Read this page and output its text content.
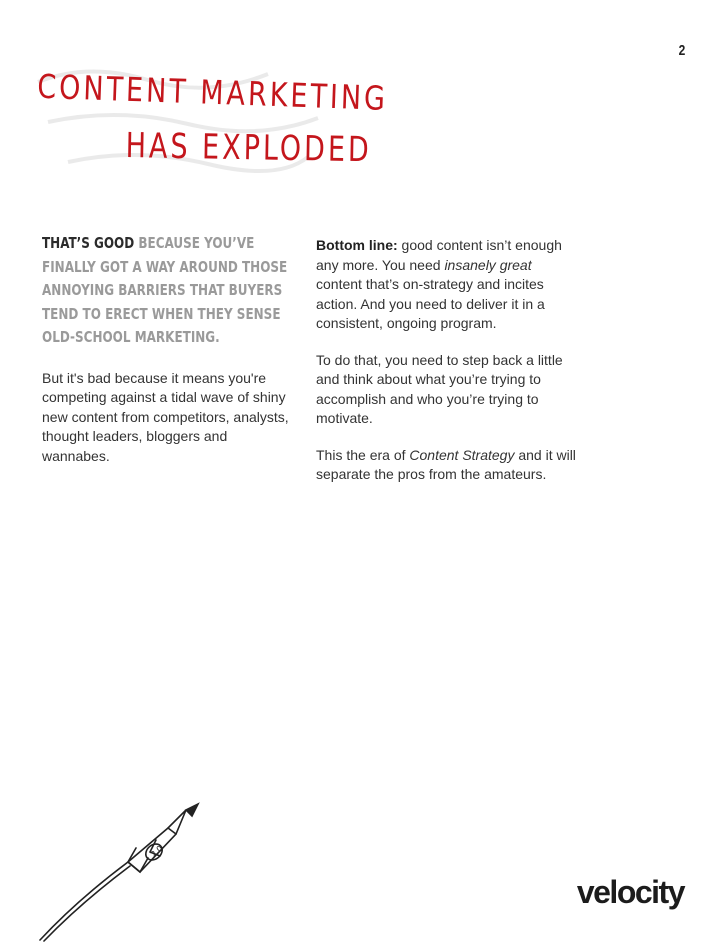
2
CONTENT MARKETING
HAS EXPLODED

THAT’S GOOD BECAUSE YOU’VE FINALLY GOT A WAY AROUND THOSE ANNOYING BARRIERS THAT BUYERS TEND TO ERECT WHEN THEY SENSE OLD-SCHOOL MARKETING.

But it's bad because it means you're competing against a tidal wave of shiny new content from competitors, analysts, thought leaders, bloggers and wannabes.

Bottom line: good content isn’t enough any more. You need insanely great content that’s on-strategy and incites action. And you need to deliver it in a consistent, ongoing program.

To do that, you need to step back a little and think about what you’re trying to accomplish and who you’re trying to motivate.

This the era of Content Strategy and it will separate the pros from the amateurs.

2.0
velocity
